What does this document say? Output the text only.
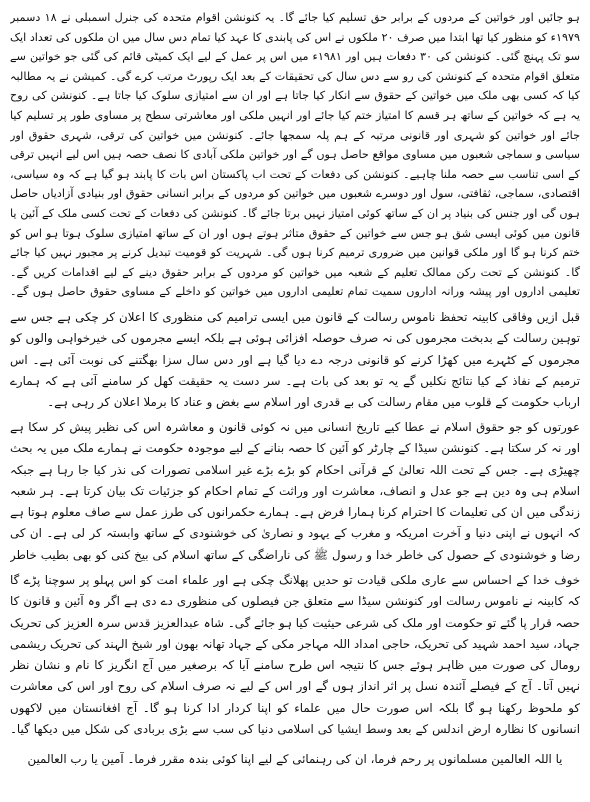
ہو جائیں اور خواتین کے مردوں کے برابر حق تسلیم کیا جائے گا۔ یہ کنونشن اقوام متحدہ کی جنرل اسمبلی نے ۱۸ دسمبر ۱۹۷۹ء کو منظور کیا تھا ابتدا میں صرف ۲۰ ملکوں نے اس کی پابندی کا عہد کیا تمام دس سال میں ان ملکوں کی تعداد ایک سو تک پہنچ گئی۔ کنونشن کی ۳۰ دفعات ہیں اور ۱۹۸۱ء میں اس پر عمل کے لیے ایک کمیٹی قائم کی گئی جو خواتین سے متعلق اقوام متحدہ کے کنونشن کی رو سے دس سال کی تحقیقات کے بعد ایک رپورٹ مرتب کرے گی۔ کمیشن نے یہ مطالبہ کیا کہ کسی بھی ملک میں خواتین کے حقوق سے انکار کیا جاتا ہے اور ان سے امتیازی سلوک کیا جاتا ہے۔ کنونشن کی روح یہ ہے کہ خواتین کے ساتھ ہر قسم کا امتیاز ختم کیا جائے اور انہیں ملکی اور معاشرتی سطح پر مساوی طور پر تسلیم کیا جائے اور خواتین کو شہری اور قانونی مرتبہ کے ہم پلہ سمجھا جائے۔ کنونشن میں خواتین کی ترقی، شہری حقوق اور سیاسی و سماجی شعبوں میں مساوی مواقع حاصل ہوں گے اور خواتین ملکی آبادی کا نصف حصہ ہیں اس لیے انہیں ترقی کے اسی تناسب سے حصہ ملنا چاہیے۔ کنونشن کی دفعات کے تحت اب پاکستان اس بات کا پابند ہو گیا ہے کہ وہ سیاسی، اقتصادی، سماجی، ثقافتی، سول اور دوسرے شعبوں میں خواتین کو مردوں کے برابر انسانی حقوق اور بنیادی آزادیاں حاصل ہوں گی اور جنس کی بنیاد پر ان کے ساتھ کوئی امتیاز نہیں برتا جائے گا۔ کنونشن کی دفعات کے تحت کسی ملک کے آئین یا قانون میں کوئی ایسی شق ہو جس سے خواتین کے حقوق متاثر ہوتے ہوں اور ان کے ساتھ امتیازی سلوک ہوتا ہو اس کو ختم کرنا ہو گا اور ملکی قوانین میں ضروری ترمیم کرنا ہوں گی۔ شہریت کو قومیت تبدیل کرنے پر مجبور نہیں کیا جائے گا۔ کنونشن کے تحت رکن ممالک تعلیم کے شعبہ میں خواتین کو مردوں کے برابر حقوق دینے کے لیے اقدامات کریں گے۔ تعلیمی اداروں اور پیشہ ورانہ اداروں سمیت تمام تعلیمی اداروں میں خواتین کو داخلے کے مساوی حقوق حاصل ہوں گے۔

قبل ازیں وفاقی کابینہ تحفظ ناموس رسالت کے قانون میں ایسی ترامیم کی منظوری کا اعلان کر چکی ہے جس سے توہین رسالت کے بدبخت مجرموں کی نہ صرف حوصلہ افزائی ہوئی ہے بلکہ ایسے مجرموں کی خیرخواہی والوں کو مجرموں کے کٹہرے میں کھڑا کرنے کو قانونی درجہ دے دیا گیا ہے اور دس سال سزا بھگتنے کی نوبت آئی ہے۔ اس ترمیم کے نفاذ کے کیا نتائج نکلیں گے یہ تو بعد کی بات ہے۔ سر دست یہ حقیقت کھل کر سامنے آئی ہے کہ ہمارے ارباب حکومت کے قلوب میں مقام رسالت کی بے قدری اور اسلام سے بغض و عناد کا برملا اعلان کر رہی ہے۔

عورتوں کو جو حقوق اسلام نے عطا کیے تاریخ انسانی میں نہ کوئی قانون و معاشرہ اس کی نظیر پیش کر سکا ہے اور نہ کر سکتا ہے۔ کنونشن سیڈا کے چارٹر کو آئین کا حصہ بنانے کے لیے موجودہ حکومت نے ہمارے ملک میں یہ بحث چھیڑی ہے۔ جس کے تحت اللہ تعالیٰ کے قرآنی احکام کو بڑے بڑے غیر اسلامی تصورات کی نذر کیا جا رہا ہے جبکہ اسلام ہی وہ دین ہے جو عدل و انصاف، معاشرت اور وراثت کے تمام احکام کو جزئیات تک بیان کرتا ہے۔ ہر شعبہ زندگی میں ان کی تعلیمات کا احترام کرنا ہمارا فرض ہے۔ ہمارے حکمرانوں کی طرز عمل سے صاف معلوم ہوتا ہے کہ انہوں نے اپنی دنیا و آخرت امریکہ و مغرب کے یہود و نصاریٰ کی خوشنودی کے ساتھ وابستہ کر لی ہے۔ ان کی رضا و خوشنودی کے حصول کی خاطر خدا و رسول ﷺ کی ناراضگی کے ساتھ اسلام کی بیخ کنی کو بھی بطیب خاطر

خوف خدا کے احساس سے عاری ملکی قیادت تو حدیں پھلانگ چکی ہے اور علماء امت کو اس پہلو پر سوچنا پڑے گا کہ کابینہ نے ناموس رسالت اور کنونشن سیڈا سے متعلق جن فیصلوں کی منظوری دے دی ہے اگر وہ آئین و قانون کا حصہ قرار پا گئے تو حکومت اور ملک کی شرعی حیثیت کیا ہو جائے گی۔ شاہ عبدالعزیز قدس سرہ العزیز کی تحریک جہاد، سید احمد شہید کی تحریک، حاجی امداد اللہ مہاجر مکی کے جہاد تھانہ بھون اور شیخ الہند کی تحریک ریشمی رومال کی صورت میں ظاہر ہوئے جس کا نتیجہ اس طرح سامنے آیا کہ برصغیر میں آج انگریز کا نام و نشان نظر نہیں آتا۔ آج کے فیصلے آئندہ نسل پر اثر انداز ہوں گے اور اس کے لیے نہ صرف اسلام کی روح اور اس کی معاشرت کو ملحوظ رکھنا ہو گا بلکہ اس صورت حال میں علماء کو اپنا کردار ادا کرنا ہو گا۔ آج افغانستان میں لاکھوں انسانوں کا نظارہ ارض اندلس کے بعد وسط ایشیا کی اسلامی دنیا کی سب سے بڑی بربادی کی شکل میں دیکھا گیا۔

یا اللہ العالمین مسلمانوں پر رحم فرما، ان کی رہنمائی کے لیے اپنا کوئی بندہ مقرر فرما۔ آمین یا رب العالمین
